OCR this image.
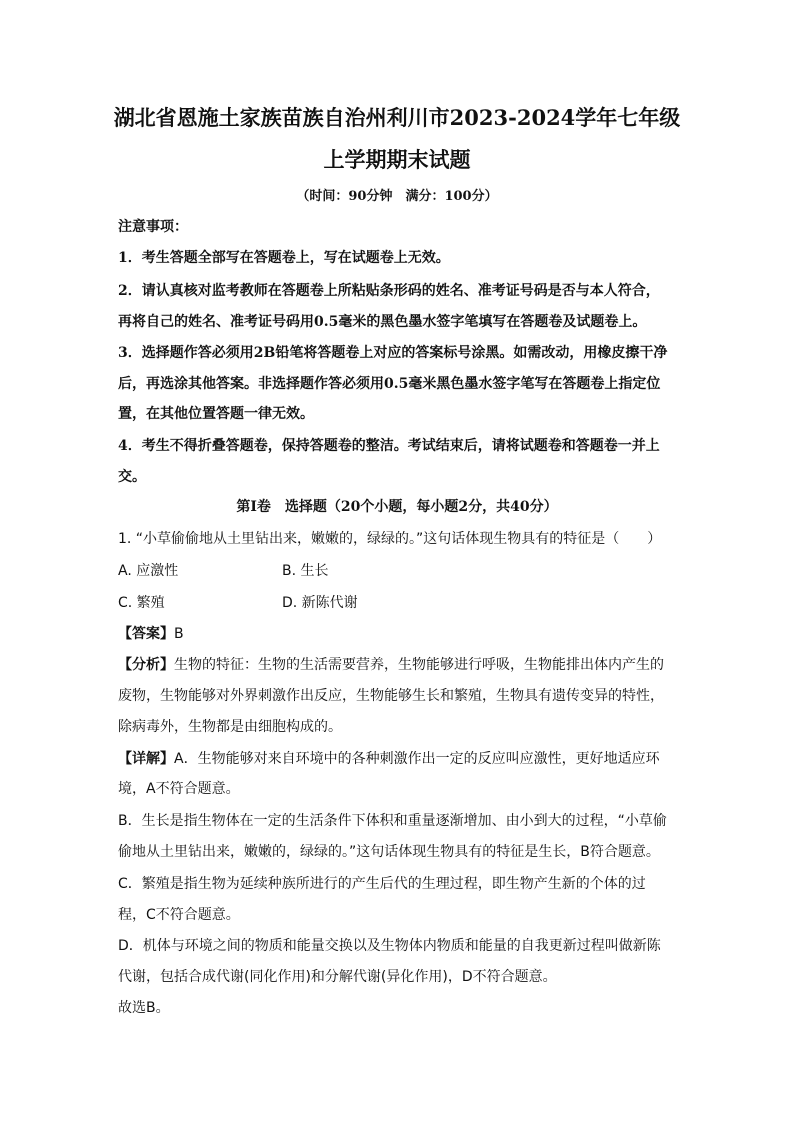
湖北省恩施土家族苗族自治州利川市2023-2024学年七年级
上学期期末试题
（时间：90分钟　满分：100分）
注意事项：
1．考生答题全部写在答题卷上，写在试题卷上无效。
2．请认真核对监考教师在答题卷上所粘贴条形码的姓名、准考证号码是否与本人符合，
再将自己的姓名、准考证号码用0.5毫米的黑色墨水签字笔填写在答题卷及试题卷上。
3．选择题作答必须用2B铅笔将答题卷上对应的答案标号涂黑。如需改动，用橡皮擦干净
后，再选涂其他答案。非选择题作答必须用0.5毫米黑色墨水签字笔写在答题卷上指定位
置，在其他位置答题一律无效。
4．考生不得折叠答题卷，保持答题卷的整洁。考试结束后，请将试题卷和答题卷一并上
交。
第Ⅰ卷　选择题（20个小题，每小题2分，共40分）
1. “小草偷偷地从土里钻出来，嫩嫩的，绿绿的。”这句话体现生物具有的特征是（　　）
A. 应激性	B. 生长
C. 繁殖	D. 新陈代谢
【答案】B
【分析】生物的特征：生物的生活需要营养，生物能够进行呼吸，生物能排出体内产生的
废物，生物能够对外界刺激作出反应，生物能够生长和繁殖，生物具有遗传变异的特性，
除病毒外，生物都是由细胞构成的。
【详解】A．生物能够对来自环境中的各种刺激作出一定的反应叫应激性，更好地适应环
境，A不符合题意。
B．生长是指生物体在一定的生活条件下体积和重量逐渐增加、由小到大的过程，“小草偷
偷地从土里钻出来，嫩嫩的，绿绿的。”这句话体现生物具有的特征是生长，B符合题意。
C．繁殖是指生物为延续种族所进行的产生后代的生理过程，即生物产生新的个体的过
程，C不符合题意。
D．机体与环境之间的物质和能量交换以及生物体内物质和能量的自我更新过程叫做新陈
代谢，包括合成代谢(同化作用)和分解代谢(异化作用)，D不符合题意。
故选B。
